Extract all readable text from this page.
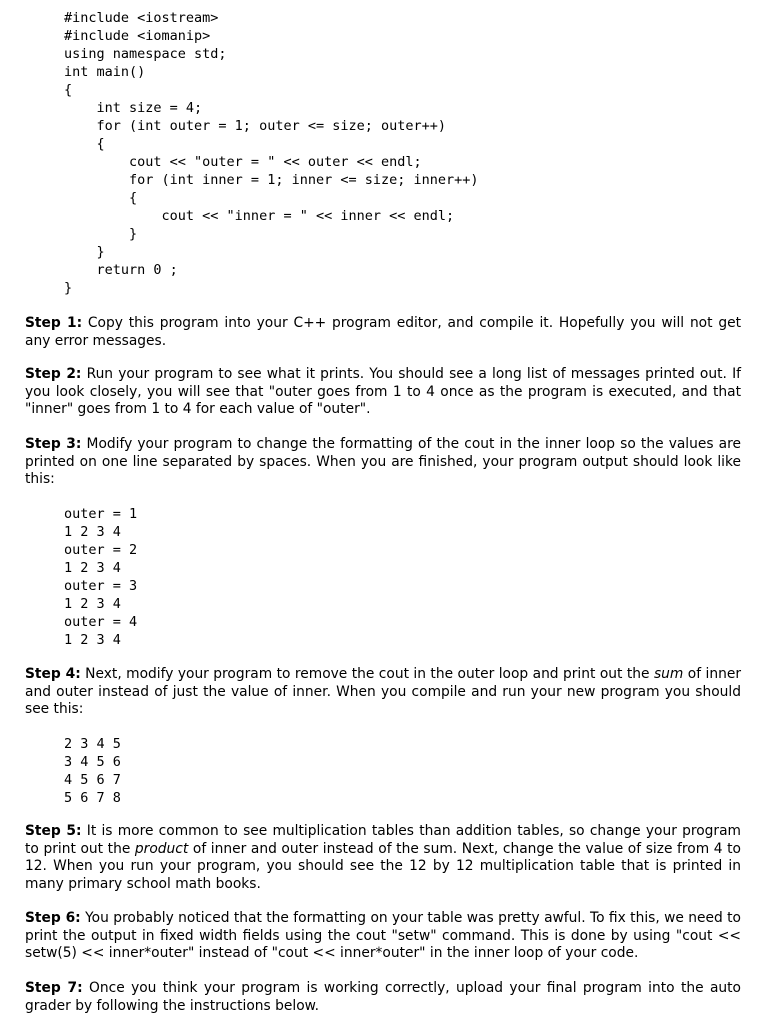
#include <iostream>
#include <iomanip>
using namespace std;
int main()
{
int size = 4;
for (int outer = 1; outer <= size; outer++)
{
cout << "outer = " << outer << endl;
for (int inner = 1; inner <= size; inner++)
{
cout << "inner = " << inner << endl;
}
}
return 0 ;
}

Step 1: Copy this program into your C++ program editor, and compile it. Hopefully you will not get any error messages.

Step 2: Run your program to see what it prints. You should see a long list of messages printed out. If you look closely, you will see that "outer goes from 1 to 4 once as the program is executed, and that "inner" goes from 1 to 4 for each value of "outer".

Step 3: Modify your program to change the formatting of the cout in the inner loop so the values are printed on one line separated by spaces. When you are finished, your program output should look like this:

outer = 1
1 2 3 4
outer = 2
1 2 3 4
outer = 3
1 2 3 4
outer = 4
1 2 3 4

Step 4: Next, modify your program to remove the cout in the outer loop and print out the sum of inner and outer instead of just the value of inner. When you compile and run your new program you should see this:

2 3 4 5
3 4 5 6
4 5 6 7
5 6 7 8

Step 5: It is more common to see multiplication tables than addition tables, so change your program to print out the product of inner and outer instead of the sum. Next, change the value of size from 4 to 12. When you run your program, you should see the 12 by 12 multiplication table that is printed in many primary school math books.

Step 6: You probably noticed that the formatting on your table was pretty awful. To fix this, we need to print the output in fixed width fields using the cout "setw" command. This is done by using "cout << setw(5) << inner*outer" instead of "cout << inner*outer" in the inner loop of your code.

Step 7: Once you think your program is working correctly, upload your final program into the auto grader by following the instructions below.
